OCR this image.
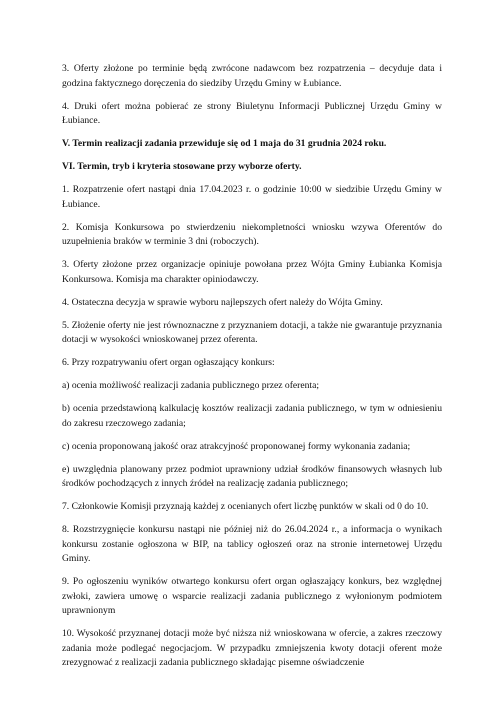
3. Oferty złożone po terminie będą zwrócone nadawcom bez rozpatrzenia – decyduje data i godzina faktycznego doręczenia do siedziby Urzędu Gminy w Łubiance.

4. Druki ofert można pobierać ze strony Biuletynu Informacji Publicznej Urzędu Gminy w Łubiance.

V. Termin realizacji zadania przewiduje się od 1 maja do 31 grudnia 2024 roku.

VI. Termin, tryb i kryteria stosowane przy wyborze oferty.

1. Rozpatrzenie ofert nastąpi dnia 17.04.2023 r. o godzinie 10:00 w siedzibie Urzędu Gminy w Łubiance.

2. Komisja Konkursowa po stwierdzeniu niekompletności wniosku wzywa Oferentów do uzupełnienia braków w terminie 3 dni (roboczych).

3. Oferty złożone przez organizacje opiniuje powołana przez Wójta Gminy Łubianka Komisja Konkursowa. Komisja ma charakter opiniodawczy.

4. Ostateczna decyzja w sprawie wyboru najlepszych ofert należy do Wójta Gminy.

5. Złożenie oferty nie jest równoznaczne z przyznaniem dotacji, a także nie gwarantuje przyznania dotacji w wysokości wnioskowanej przez oferenta.

6. Przy rozpatrywaniu ofert organ ogłaszający konkurs:

a) ocenia możliwość realizacji zadania publicznego przez oferenta;

b) ocenia przedstawioną kalkulację kosztów realizacji zadania publicznego, w tym w odniesieniu do zakresu rzeczowego zadania;

c) ocenia proponowaną jakość oraz atrakcyjność proponowanej formy wykonania zadania;

e) uwzględnia planowany przez podmiot uprawniony udział środków finansowych własnych lub środków pochodzących z innych źródeł na realizację zadania publicznego;

7. Członkowie Komisji przyznają każdej z ocenianych ofert liczbę punktów w skali od 0 do 10.

8. Rozstrzygnięcie konkursu nastąpi nie później niż do 26.04.2024 r., a informacja o wynikach konkursu zostanie ogłoszona w BIP, na tablicy ogłoszeń oraz na stronie internetowej Urzędu Gminy.

9. Po ogłoszeniu wyników otwartego konkursu ofert organ ogłaszający konkurs, bez względnej zwłoki, zawiera umowę o wsparcie realizacji zadania publicznego z wyłonionym podmiotem uprawnionym

10. Wysokość przyznanej dotacji może być niższa niż wnioskowana w ofercie, a zakres rzeczowy zadania może podlegać negocjacjom. W przypadku zmniejszenia kwoty dotacji oferent może zrezygnować z realizacji zadania publicznego składając pisemne oświadczenie
